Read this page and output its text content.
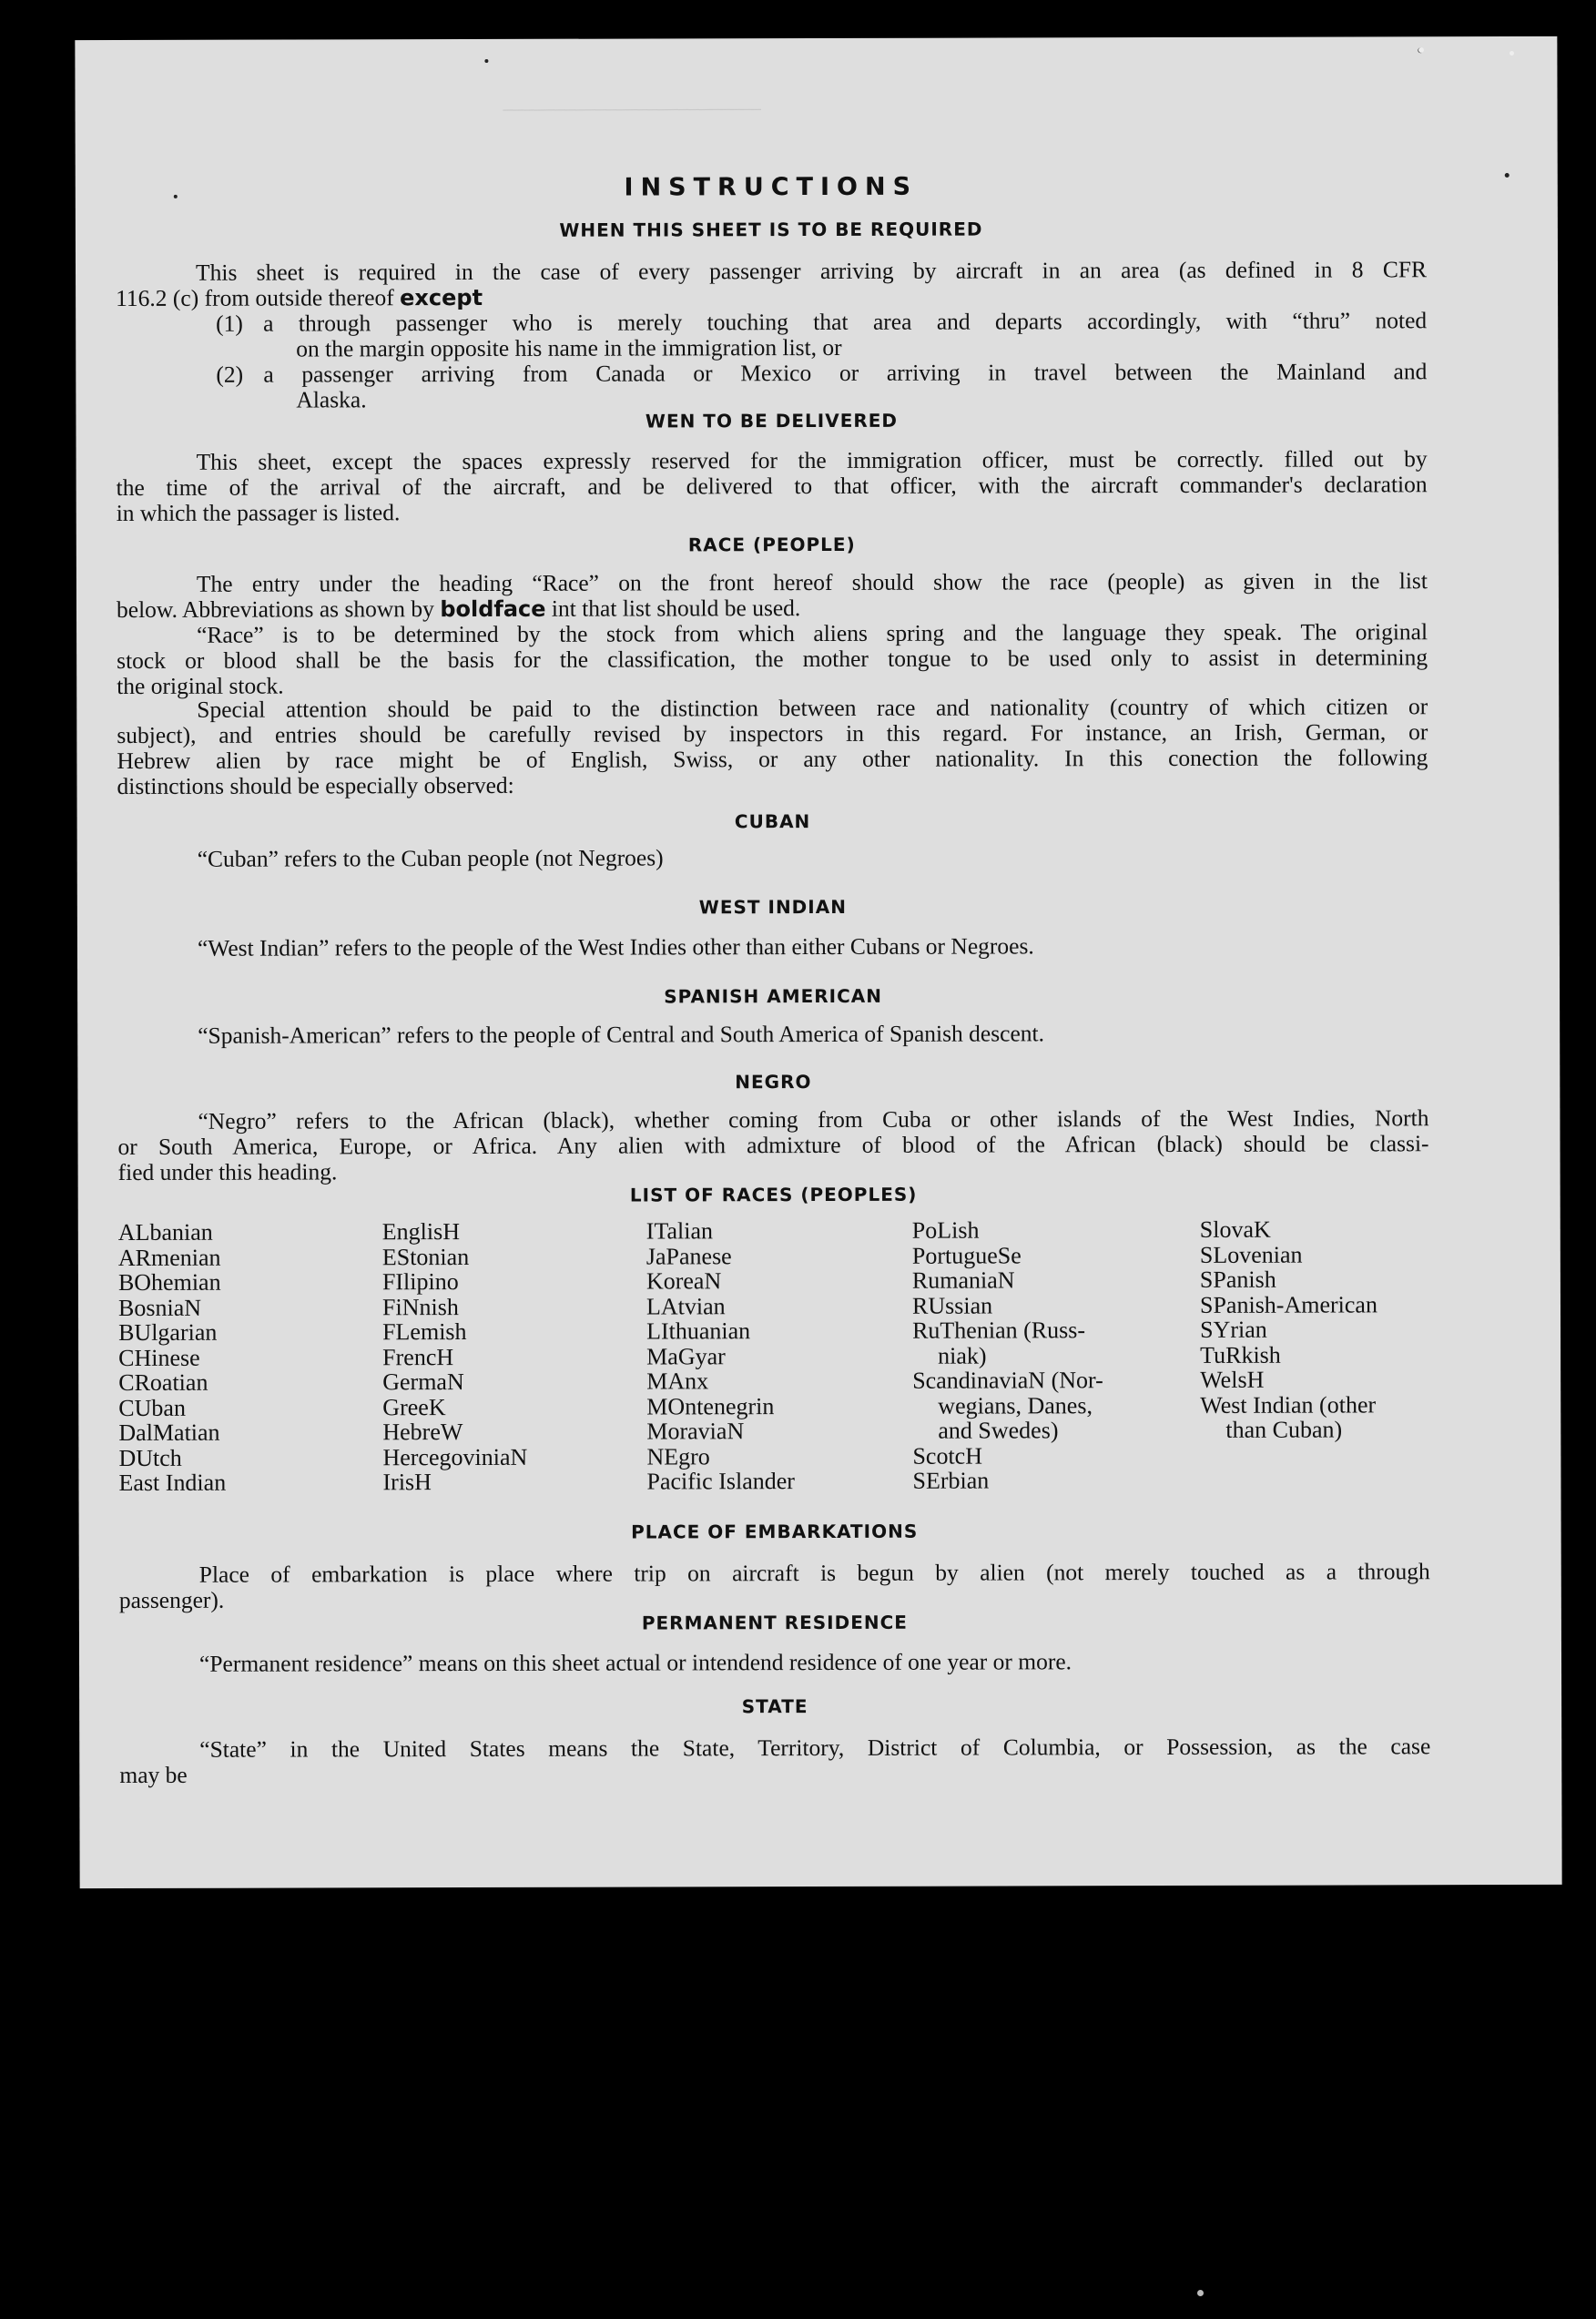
─────────────────────────
INSTRUCTIONS
WHEN THIS SHEET IS TO BE REQUIRED
This sheet is required in the case of every passenger arriving by aircraft in an area (as defined in 8 CFR
116.2 (c) from outside thereof except
(1) a through passenger who is merely touching that area and departs accordingly, with “thru” noted
on the margin opposite his name in the immigration list, or
(2) a passenger arriving from Canada or Mexico or arriving in travel between the Mainland and
Alaska.
WEN TO BE DELIVERED
This sheet, except the spaces expressly reserved for the immigration officer, must be correctly. filled out by
the time of the arrival of the aircraft, and be delivered to that officer, with the aircraft commander's declaration
in which the passager is listed.
RACE (PEOPLE)
The entry under the heading “Race” on the front hereof should show the race (people) as given in the list
below. Abbreviations as shown by boldface int that list should be used.
“Race” is to be determined by the stock from which aliens spring and the language they speak. The original
stock or blood shall be the basis for the classification, the mother tongue to be used only to assist in determining
the original stock.
Special attention should be paid to the distinction between race and nationality (country of which citizen or
subject), and entries should be carefully revised by inspectors in this regard. For instance, an Irish, German, or
Hebrew alien by race might be of English, Swiss, or any other nationality. In this conection the following
distinctions should be especially observed:
CUBAN
“Cuban” refers to the Cuban people (not Negroes)
WEST INDIAN
“West Indian” refers to the people of the West Indies other than either Cubans or Negroes.
SPANISH AMERICAN
“Spanish-American” refers to the people of Central and South America of Spanish descent.
NEGRO
“Negro” refers to the African (black), whether coming from Cuba or other islands of the West Indies, North
or South America, Europe, or Africa. Any alien with admixture of blood of the African (black) should be classi-
fied under this heading.
LIST OF RACES (PEOPLES)
ALbanian
ARmenian
BOhemian
BosniaN
BUlgarian
CHinese
CRoatian
CUban
DalMatian
DUtch
East Indian
EnglisH
EStonian
FIlipino
FiNnish
FLemish
FrencH
GermaN
GreeK
HebreW
HercegoviniaN
IrisH
ITalian
JaPanese
KoreaN
LAtvian
LIthuanian
MaGyar
MAnx
MOntenegrin
MoraviaN
NEgro
Pacific Islander
PoLish
PortugueSe
RumaniaN
RUssian
RuThenian (Russ-
niak)
ScandinaviaN (Nor-
wegians, Danes,
and Swedes)
ScotcH
SErbian
SlovaK
SLovenian
SPanish
SPanish-American
SYrian
TuRkish
WelsH
West Indian (other
than Cuban)
PLACE OF EMBARKATIONS
Place of embarkation is place where trip on aircraft is begun by alien (not merely touched as a through
passenger).
PERMANENT RESIDENCE
“Permanent residence” means on this sheet actual or intendend residence of one year or more.
STATE
“State” in the United States means the State, Territory, District of Columbia, or Possession, as the case
may be
